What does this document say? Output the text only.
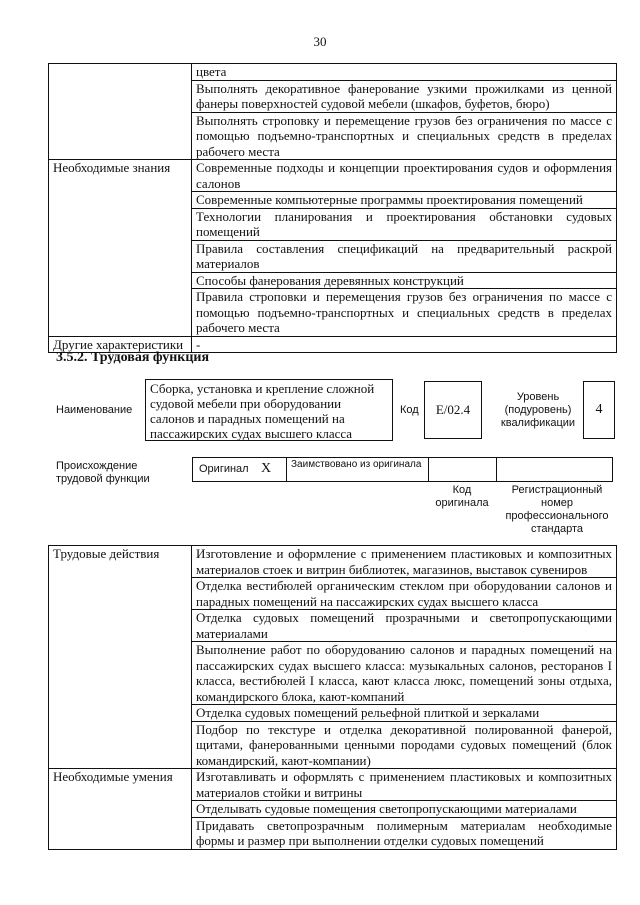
30
	цвета
	Выполнять декоративное фанерование узкими прожилками из ценной фанеры поверхностей судовой мебели (шкафов, буфетов, бюро)
	Выполнять строповку и перемещение грузов без ограничения по массе с помощью подъемно-транспортных и специальных средств в пределах рабочего места
Необходимые знания	Современные подходы и концепции проектирования судов и оформления салонов
	Современные компьютерные программы проектирования помещений
	Технологии планирования и проектирования обстановки судовых помещений
	Правила составления спецификаций на предварительный раскрой материалов
	Способы фанерования деревянных конструкций
	Правила строповки и перемещения грузов без ограничения по массе с помощью подъемно-транспортных и специальных средств в пределах рабочего места
Другие характеристики	-
3.5.2. Трудовая функция
Наименование
Сборка, установка и крепление сложной судовой мебели при оборудовании салонов и парадных помещений на пассажирских судах высшего класса
Код	E/02.4
Уровень (подуровень) квалификации
4
Происхождение трудовой функции
Оригинал X	Заимствовано из оригинала
Код оригинала
Регистрационный номер профессионального стандарта
Трудовые действия	Изготовление и оформление с применением пластиковых и композитных материалов стоек и витрин библиотек, магазинов, выставок сувениров
	Отделка вестибюлей органическим стеклом при оборудовании салонов и парадных помещений на пассажирских судах высшего класса
	Отделка судовых помещений прозрачными и светопропускающими материалами
	Выполнение работ по оборудованию салонов и парадных помещений на пассажирских судах высшего класса: музыкальных салонов, ресторанов I класса, вестибюлей I класса, кают класса люкс, помещений зоны отдыха, командирского блока, кают-компаний
	Отделка судовых помещений рельефной плиткой и зеркалами
	Подбор по текстуре и отделка декоративной полированной фанерой, щитами, фанерованными ценными породами судовых помещений (блок командирский, кают-компании)
Необходимые умения	Изготавливать и оформлять с применением пластиковых и композитных материалов стойки и витрины
	Отделывать судовые помещения светопропускающими материалами
	Придавать светопрозрачным полимерным материалам необходимые формы и размер при выполнении отделки судовых помещений
